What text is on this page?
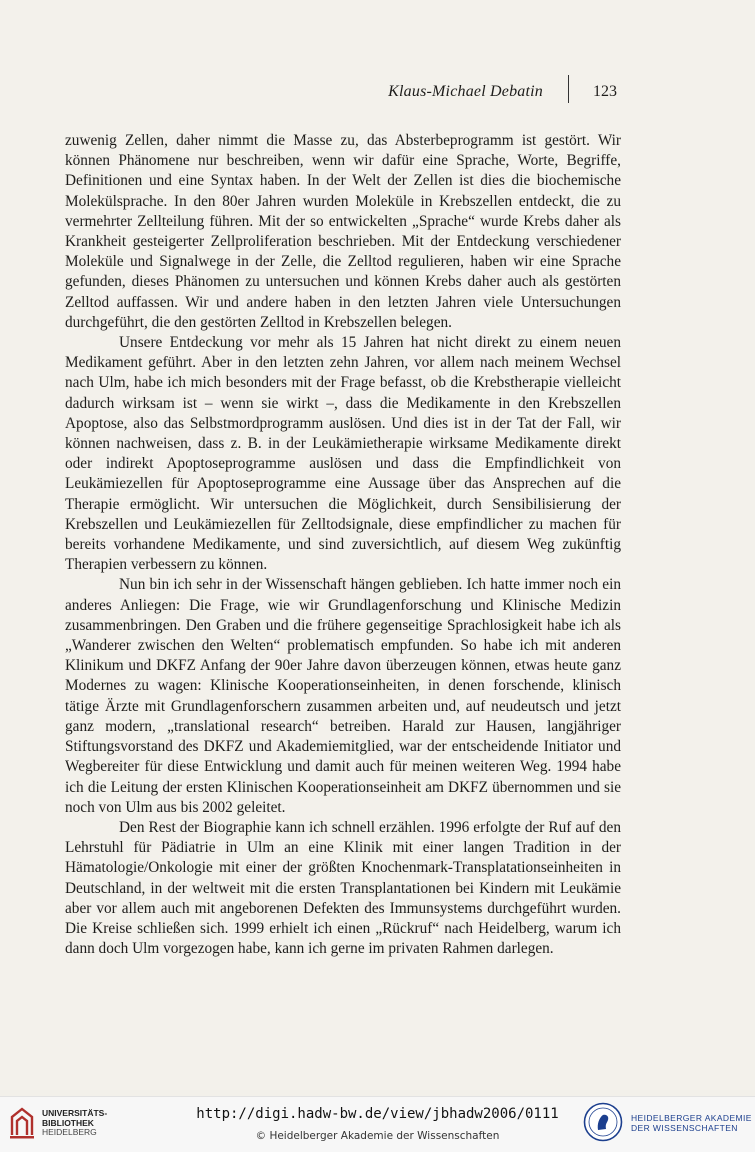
Klaus-Michael Debatin	123

zuwenig Zellen, daher nimmt die Masse zu, das Absterbeprogramm ist gestört. Wir können Phänomene nur beschreiben, wenn wir dafür eine Sprache, Worte, Begriffe, Definitionen und eine Syntax haben. In der Welt der Zellen ist dies die biochemische Molekülsprache. In den 80er Jahren wurden Moleküle in Krebszellen entdeckt, die zu vermehrter Zellteilung führen. Mit der so entwickelten „Sprache“ wurde Krebs daher als Krankheit gesteigerter Zellproliferation beschrieben. Mit der Entdeckung verschiedener Moleküle und Signalwege in der Zelle, die Zelltod regulieren, haben wir eine Sprache gefunden, dieses Phänomen zu untersuchen und können Krebs daher auch als gestörten Zelltod auffassen. Wir und andere haben in den letzten Jahren viele Untersuchungen durchgeführt, die den gestörten Zelltod in Krebszellen belegen.

Unsere Entdeckung vor mehr als 15 Jahren hat nicht direkt zu einem neuen Medikament geführt. Aber in den letzten zehn Jahren, vor allem nach meinem Wechsel nach Ulm, habe ich mich besonders mit der Frage befasst, ob die Krebstherapie vielleicht dadurch wirksam ist – wenn sie wirkt –, dass die Medikamente in den Krebszellen Apoptose, also das Selbstmordprogramm auslösen. Und dies ist in der Tat der Fall, wir können nachweisen, dass z. B. in der Leukämietherapie wirksame Medikamente direkt oder indirekt Apoptoseprogramme auslösen und dass die Empfindlichkeit von Leukämiezellen für Apoptoseprogramme eine Aussage über das Ansprechen auf die Therapie ermöglicht. Wir untersuchen die Möglichkeit, durch Sensibilisierung der Krebszellen und Leukämiezellen für Zelltodsignale, diese empfindlicher zu machen für bereits vorhandene Medikamente, und sind zuversichtlich, auf diesem Weg zukünftig Therapien verbessern zu können.

Nun bin ich sehr in der Wissenschaft hängen geblieben. Ich hatte immer noch ein anderes Anliegen: Die Frage, wie wir Grundlagenforschung und Klinische Medizin zusammenbringen. Den Graben und die frühere gegenseitige Sprachlosigkeit habe ich als „Wanderer zwischen den Welten“ problematisch empfunden. So habe ich mit anderen Klinikum und DKFZ Anfang der 90er Jahre davon überzeugen können, etwas heute ganz Modernes zu wagen: Klinische Kooperationseinheiten, in denen forschende, klinisch tätige Ärzte mit Grundlagenforschern zusammen arbeiten und, auf neudeutsch und jetzt ganz modern, „translational research“ betreiben. Harald zur Hausen, langjähriger Stiftungsvorstand des DKFZ und Akademiemitglied, war der entscheidende Initiator und Wegbereiter für diese Entwicklung und damit auch für meinen weiteren Weg. 1994 habe ich die Leitung der ersten Klinischen Kooperationseinheit am DKFZ übernommen und sie noch von Ulm aus bis 2002 geleitet.

Den Rest der Biographie kann ich schnell erzählen. 1996 erfolgte der Ruf auf den Lehrstuhl für Pädiatrie in Ulm an eine Klinik mit einer langen Tradition in der Hämatologie/Onkologie mit einer der größten Knochenmark-Transplatationseinheiten in Deutschland, in der weltweit mit die ersten Transplantationen bei Kindern mit Leukämie aber vor allem auch mit angeborenen Defekten des Immunsystems durchgeführt wurden. Die Kreise schließen sich. 1999 erhielt ich einen „Rückruf“ nach Heidelberg, warum ich dann doch Ulm vorgezogen habe, kann ich gerne im privaten Rahmen darlegen.

UNIVERSITÄTS-
BIBLIOTHEK
HEIDELBERG
http://digi.hadw-bw.de/view/jbhadw2006/0111
© Heidelberger Akademie der Wissenschaften
HEIDELBERGER AKADEMIE
DER WISSENSCHAFTEN
